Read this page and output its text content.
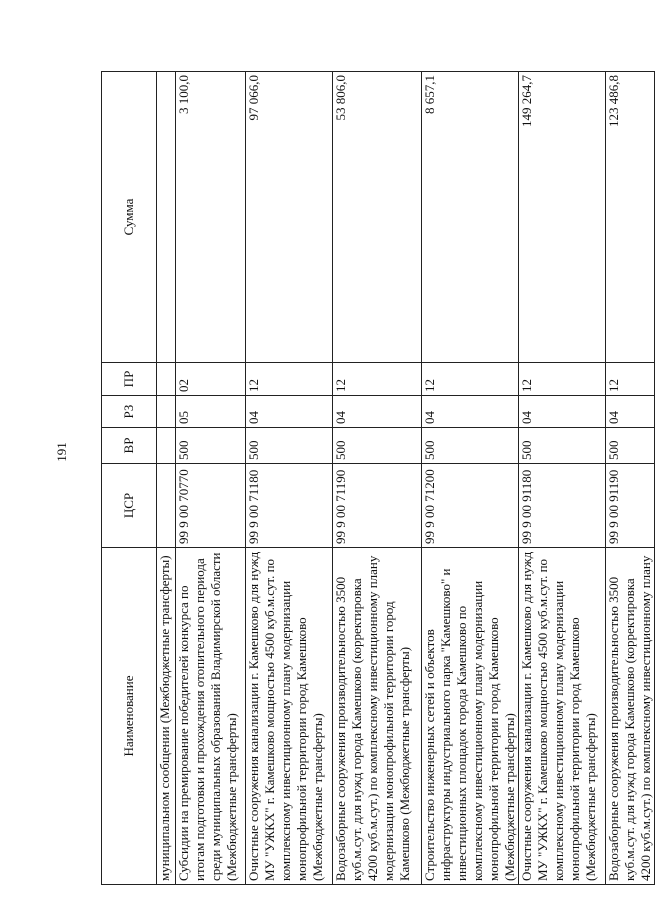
191
Наименование	ЦСР	ВР	РЗ	ПР	Сумма
муниципальном сообщении (Межбюджетные трансферты)					
Субсидии на премирование победителей конкурса по итогам подготовки и прохождения отопительного периода среди муниципальных образований Владимирской области (Межбюджетные трансферты)	99 9 00 70770	500	05	02	3 100,0
Очистные сооружения канализации г. Камешково для нужд МУ "УЖКХ" г. Камешково мощностью 4500 куб.м.сут. по комплексному инвестиционному плану модернизации монопрофильной территории город Камешково (Межбюджетные трансферты)	99 9 00 71180	500	04	12	97 066,0
Водозаборные сооружения производительностью 3500 куб.м.сут. для нужд города Камешково (корректировка 4200 куб.м.сут.) по комплексному инвестиционному плану модернизации монопрофильной территории город Камешково (Межбюджетные трансферты)	99 9 00 71190	500	04	12	53 806,0
Строительство инженерных сетей и объектов инфраструктуры индустриального парка "Камешково" и инвестиционных площадок города Камешково по комплексному инвестиционному плану модернизации монопрофильной территории город Камешково (Межбюджетные трансферты)	99 9 00 71200	500	04	12	8 657,1
Очистные сооружения канализации г. Камешково для нужд МУ "УЖКХ" г. Камешково мощностью 4500 куб.м.сут. по комплексному инвестиционному плану модернизации монопрофильной территории город Камешково (Межбюджетные трансферты)	99 9 00 91180	500	04	12	149 264,7
Водозаборные сооружения производительностью 3500 куб.м.сут. для нужд города Камешково (корректировка 4200 куб.м.сут.) по комплексному инвестиционному плану	99 9 00 91190	500	04	12	123 486,8
